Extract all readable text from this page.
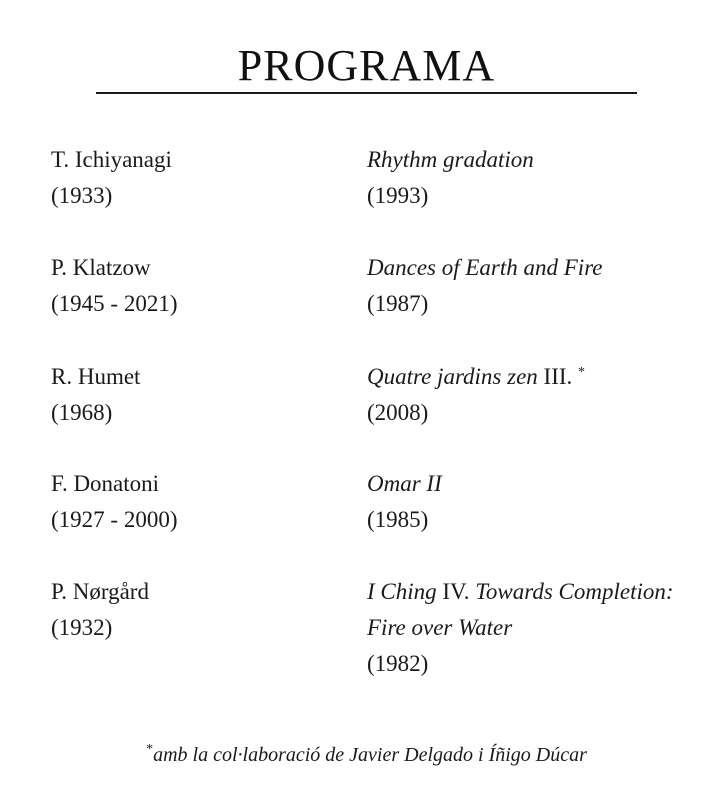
PROGRAMA
T. Ichiyanagi
(1933)
Rhythm gradation
(1993)
P. Klatzow
(1945 - 2021)
Dances of Earth and Fire
(1987)
R. Humet
(1968)
Quatre jardins zen III. *
(2008)
F. Donatoni
(1927 - 2000)
Omar II
(1985)
P. Nørgård
(1932)
I Ching IV. Towards Completion:
Fire over Water
(1982)
*amb la col·laboració de Javier Delgado i Íñigo Dúcar
